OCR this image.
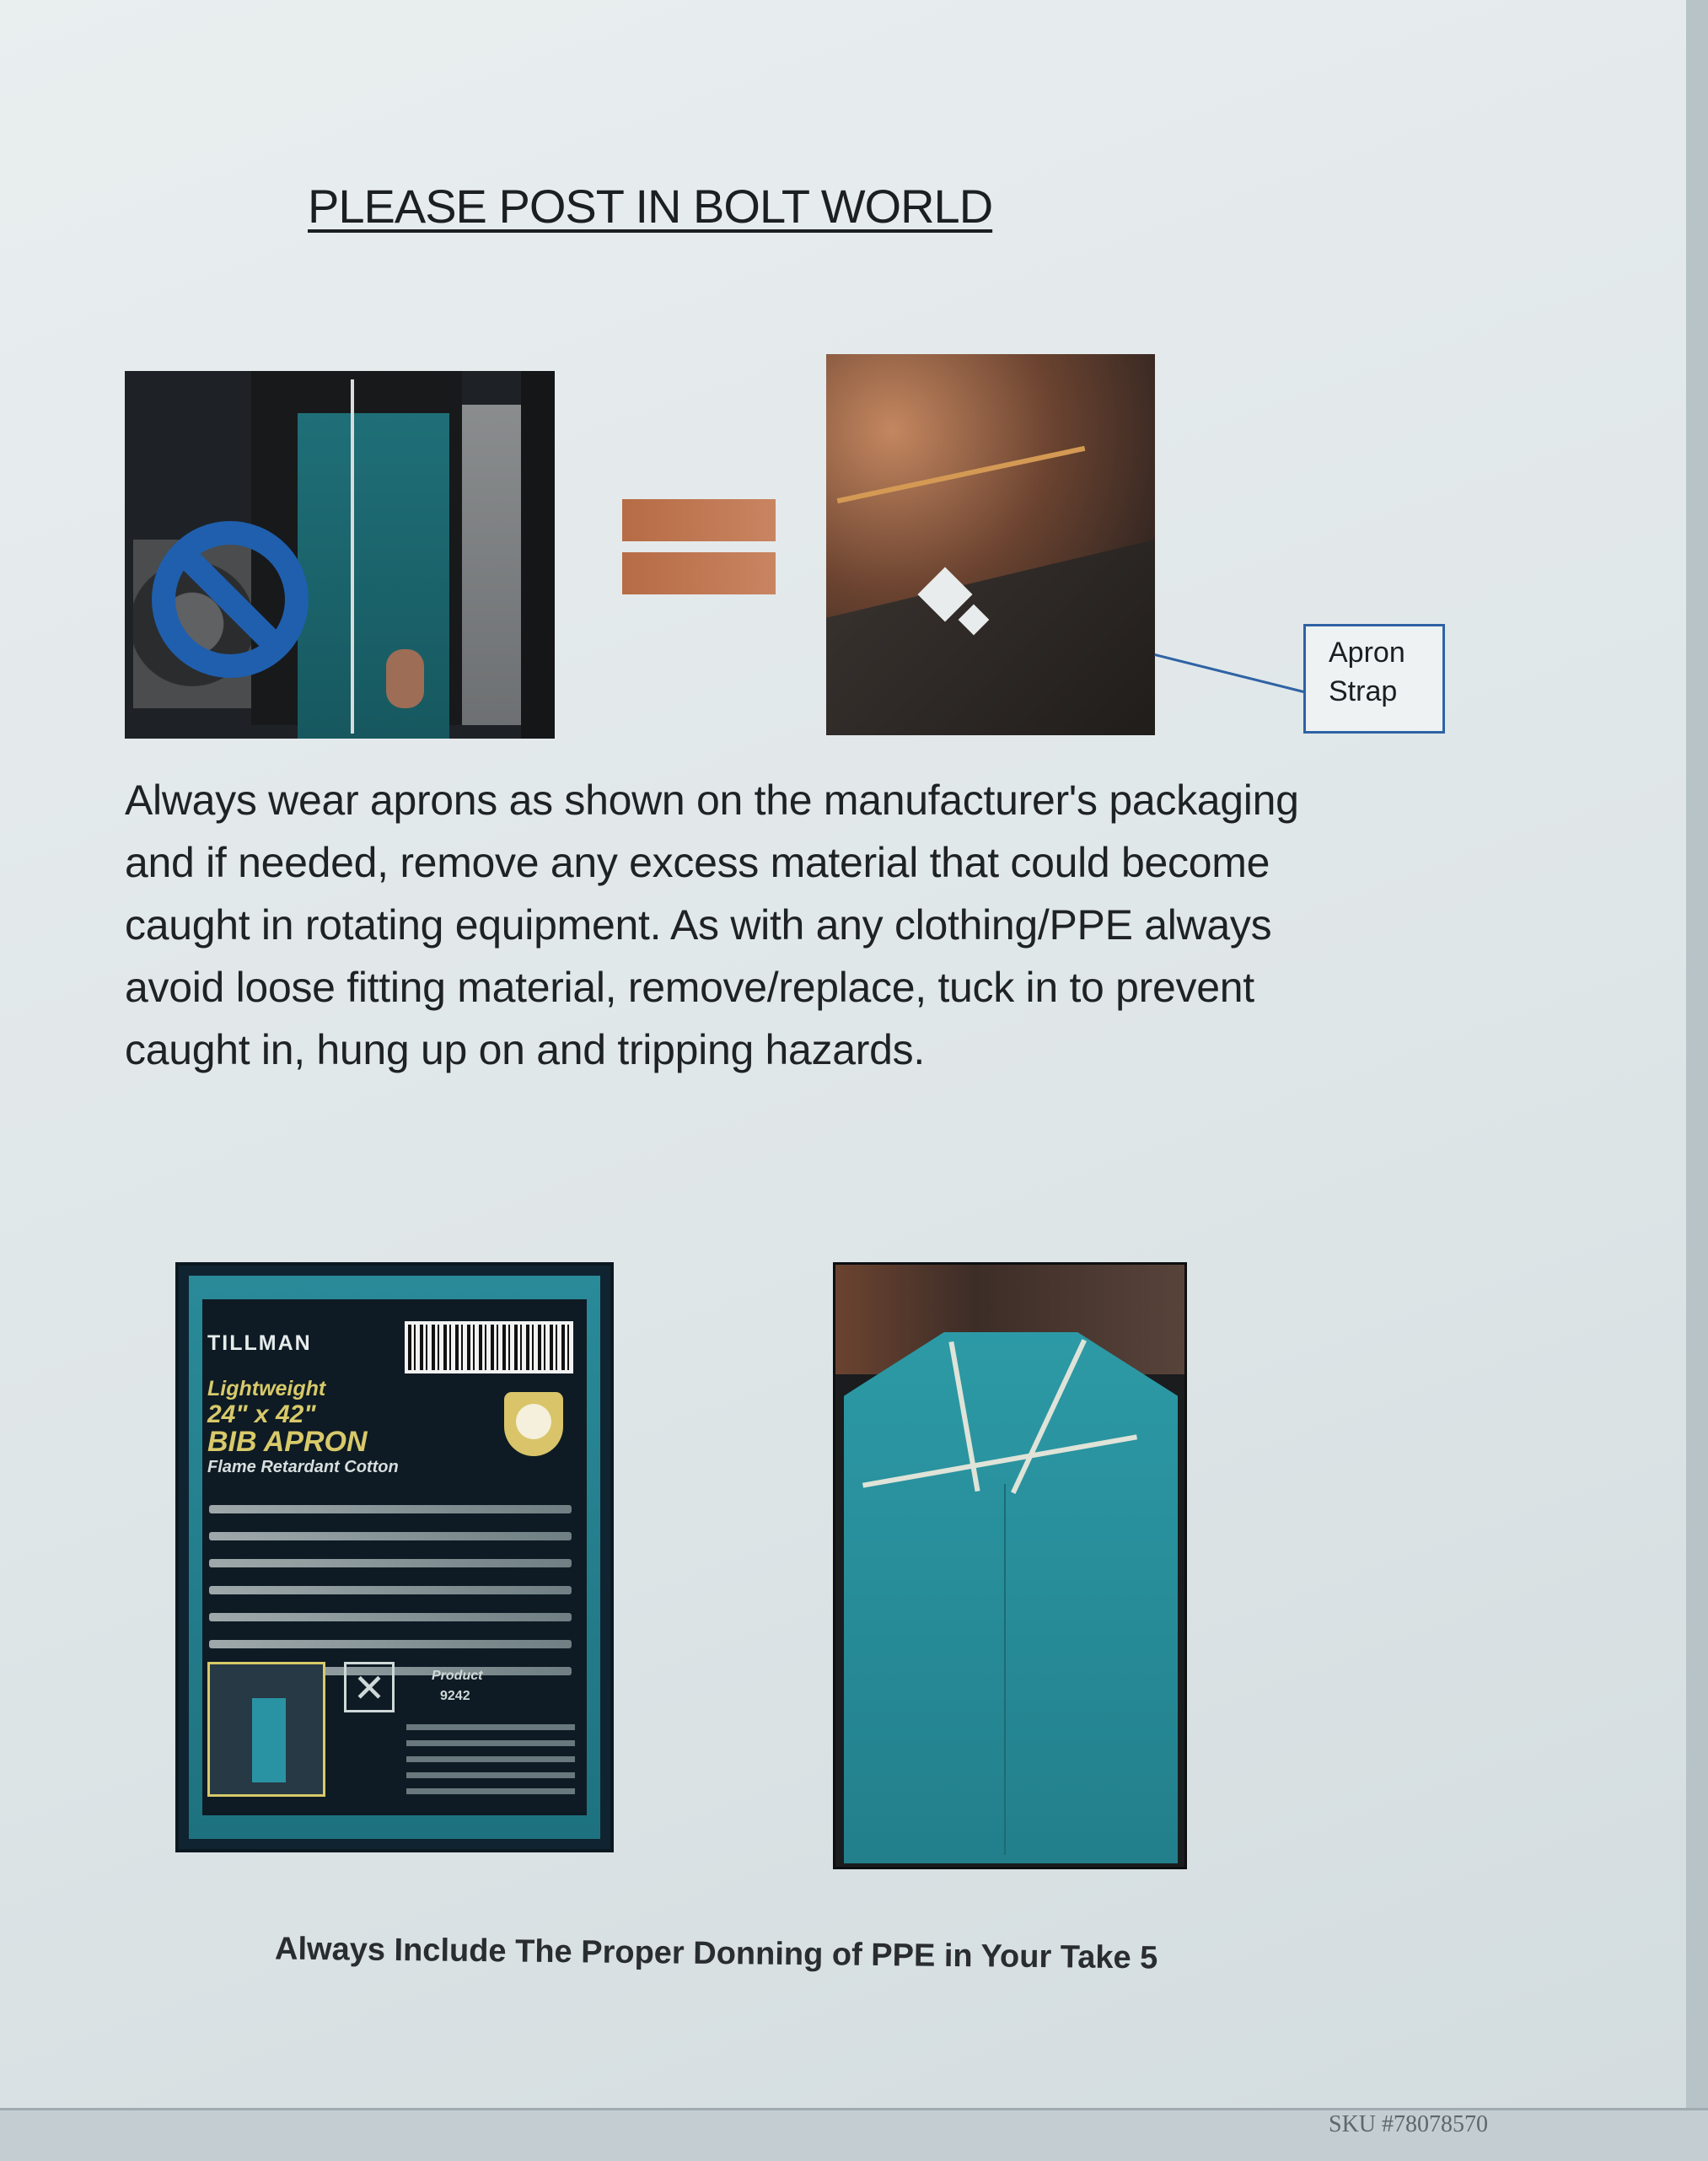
PLEASE POST IN BOLT WORLD
Apron
Strap

Always wear aprons as shown on the manufacturer's packaging and if needed, remove any excess material that could become caught in rotating equipment. As with any clothing/PPE always avoid loose fitting material, remove/replace, tuck in to prevent caught in, hung up on and tripping hazards.

TILLMAN
Lightweight
24" x 42"
BIB APRON
Flame Retardant Cotton
✕	Product
9242
Always Include The Proper Donning of PPE in Your Take 5
SKU #78078570
